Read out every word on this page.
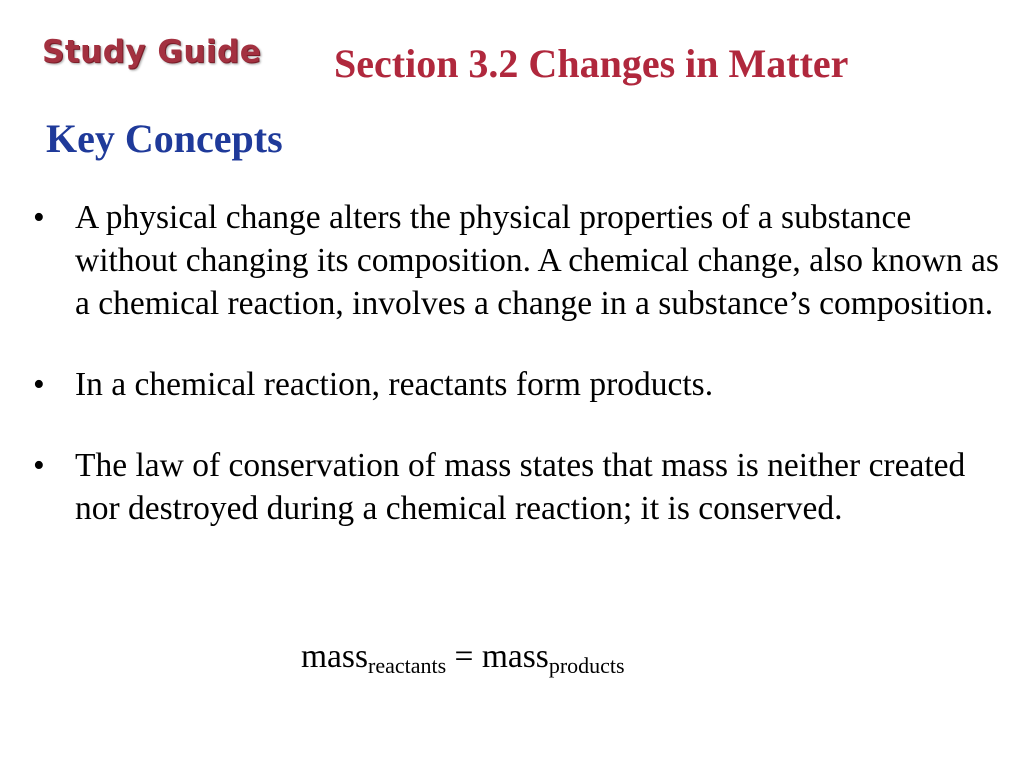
Study Guide Section 3.2 Changes in Matter
Key Concepts
• A physical change alters the physical properties of a substance without changing its composition. A chemical change, also known as a chemical reaction, involves a change in a substance’s composition.
• In a chemical reaction, reactants form products.
• The law of conservation of mass states that mass is neither created nor destroyed during a chemical reaction; it is conserved.
mass$_{reactants}$ = mass$_{products}$
